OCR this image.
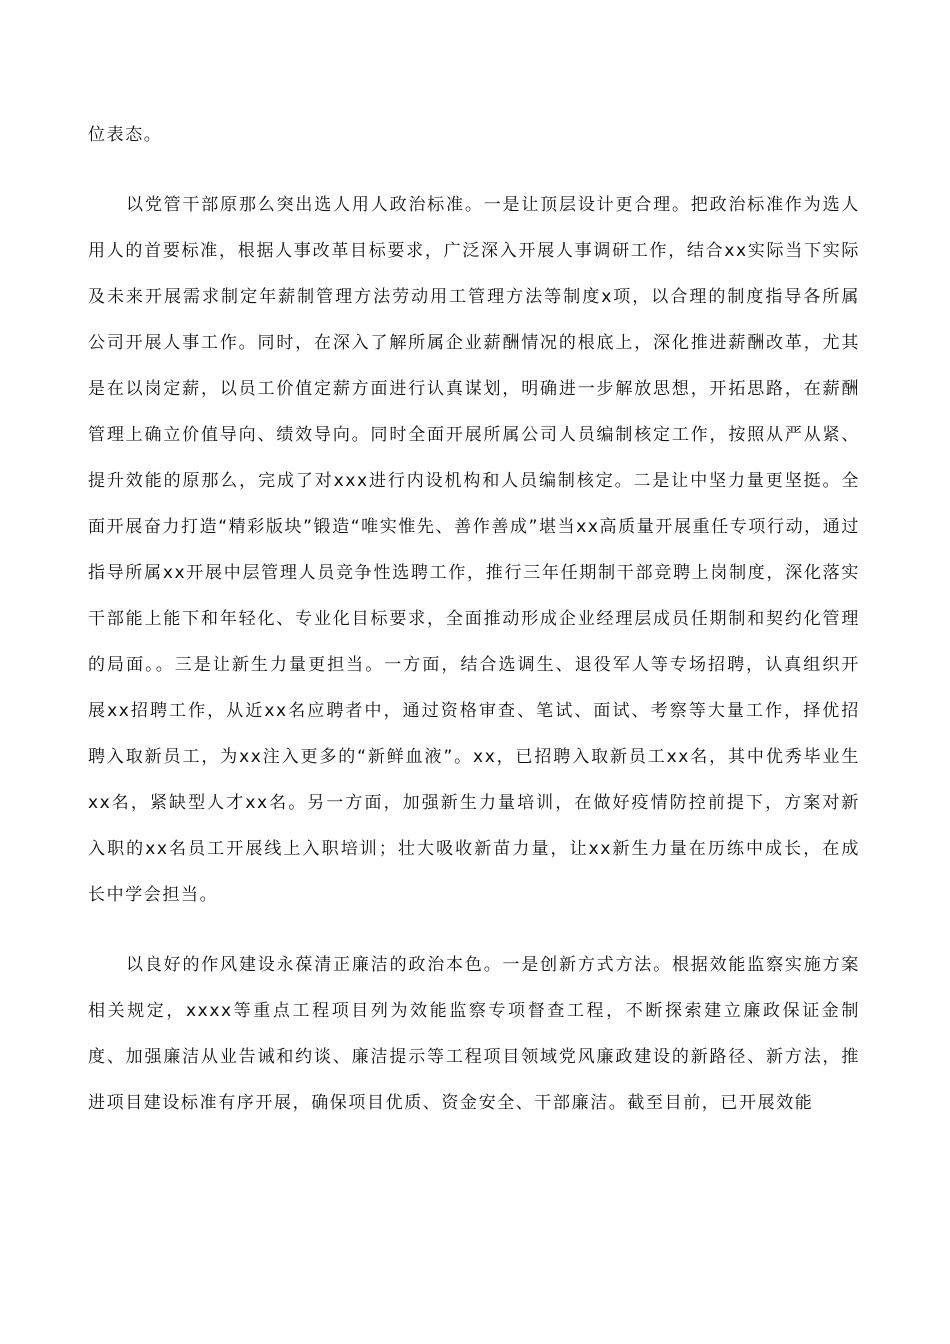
位表态。

以党管干部原那么突出选人用人政治标准。一是让顶层设计更合理。把政治标准作为选人用人的首要标准，根据人事改革目标要求，广泛深入开展人事调研工作，结合xx实际当下实际及未来开展需求制定年薪制管理方法劳动用工管理方法等制度x项，以合理的制度指导各所属公司开展人事工作。同时，在深入了解所属企业薪酬情况的根底上，深化推进薪酬改革，尤其是在以岗定薪，以员工价值定薪方面进行认真谋划，明确进一步解放思想，开拓思路，在薪酬管理上确立价值导向、绩效导向。同时全面开展所属公司人员编制核定工作，按照从严从紧、提升效能的原那么，完成了对xxx进行内设机构和人员编制核定。二是让中坚力量更坚挺。全面开展奋力打造“精彩版块”锻造“唯实惟先、善作善成”堪当xx高质量开展重任专项行动，通过指导所属xx开展中层管理人员竞争性选聘工作，推行三年任期制干部竞聘上岗制度，深化落实干部能上能下和年轻化、专业化目标要求，全面推动形成企业经理层成员任期制和契约化管理的局面。。三是让新生力量更担当。一方面，结合选调生、退役军人等专场招聘，认真组织开展xx招聘工作，从近xx名应聘者中，通过资格审查、笔试、面试、考察等大量工作，择优招聘入取新员工，为xx注入更多的“新鲜血液”。xx，已招聘入取新员工xx名，其中优秀毕业生xx名，紧缺型人才xx名。另一方面，加强新生力量培训，在做好疫情防控前提下，方案对新入职的xx名员工开展线上入职培训；壮大吸收新苗力量，让xx新生力量在历练中成长，在成长中学会担当。

以良好的作风建设永葆清正廉洁的政治本色。一是创新方式方法。根据效能监察实施方案相关规定，xxxx等重点工程项目列为效能监察专项督查工程，不断探索建立廉政保证金制度、加强廉洁从业告诫和约谈、廉洁提示等工程项目领域党风廉政建设的新路径、新方法，推进项目建设标准有序开展，确保项目优质、资金安全、干部廉洁。截至目前，已开展效能
